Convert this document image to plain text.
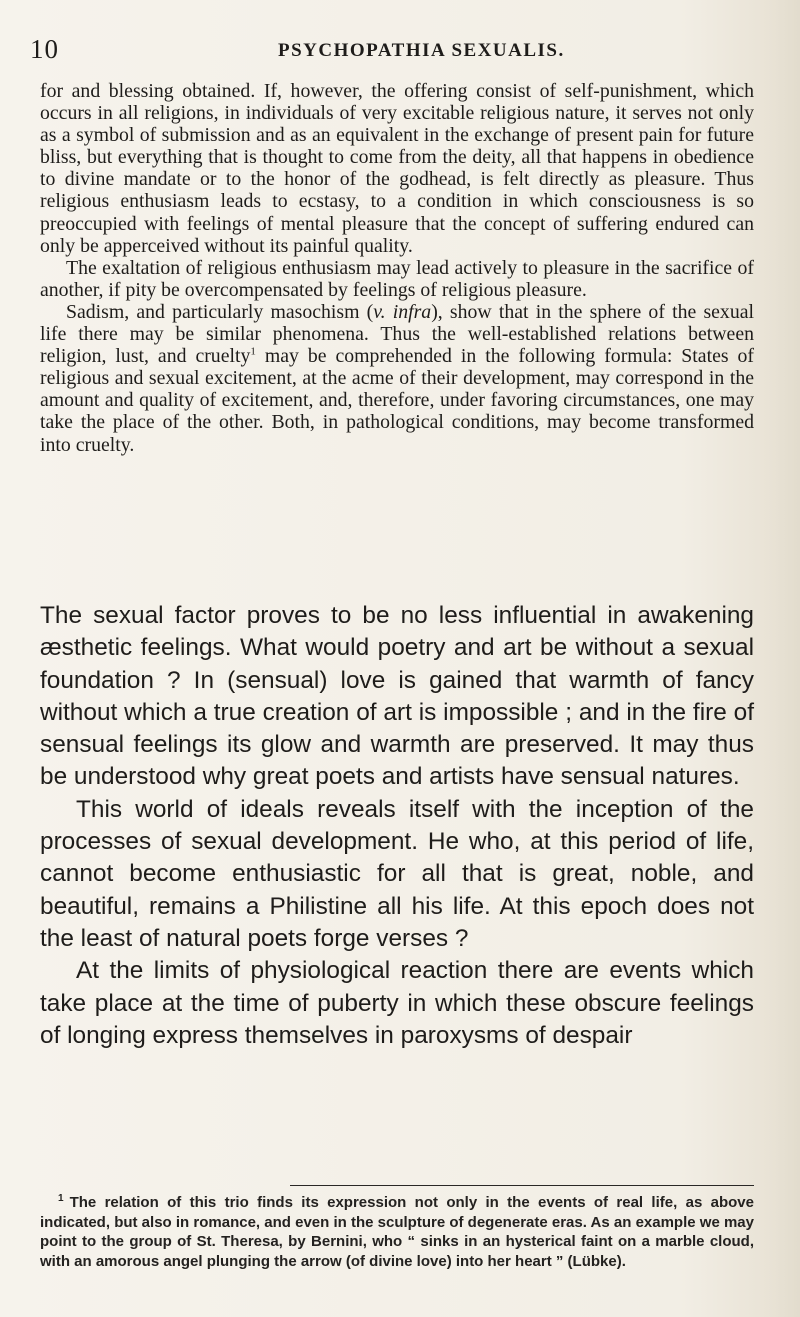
10	PSYCHOPATHIA SEXUALIS.

for and blessing obtained. If, however, the offering consist of self-punishment, which occurs in all religions, in individuals of very excitable religious nature, it serves not only as a symbol of submission and as an equivalent in the exchange of present pain for future bliss, but everything that is thought to come from the deity, all that happens in obedience to divine mandate or to the honor of the godhead, is felt directly as pleasure. Thus religious enthusiasm leads to ecstasy, to a condition in which consciousness is so preoccupied with feelings of mental pleasure that the concept of suffering endured can only be apperceived without its painful quality.

The exaltation of religious enthusiasm may lead actively to pleasure in the sacrifice of another, if pity be overcompensated by feelings of religious pleasure.

Sadism, and particularly masochism (v. infra), show that in the sphere of the sexual life there may be similar phenomena. Thus the well-established relations between religion, lust, and cruelty$^1$ may be comprehended in the following formula: States of religious and sexual excitement, at the acme of their development, may correspond in the amount and quality of excitement, and, therefore, under favoring circumstances, one may take the place of the other. Both, in pathological conditions, may become transformed into cruelty.

The sexual factor proves to be no less influential in awakening æsthetic feelings. What would poetry and art be without a sexual foundation ? In (sensual) love is gained that warmth of fancy without which a true creation of art is impossible ; and in the fire of sensual feelings its glow and warmth are preserved. It may thus be understood why great poets and artists have sensual natures.

This world of ideals reveals itself with the inception of the processes of sexual development. He who, at this period of life, cannot become enthusiastic for all that is great, noble, and beautiful, remains a Philistine all his life. At this epoch does not the least of natural poets forge verses ?

At the limits of physiological reaction there are events which take place at the time of puberty in which these obscure feelings of longing express themselves in paroxysms of despair

$^1$ The relation of this trio finds its expression not only in the events of real life, as above indicated, but also in romance, and even in the sculpture of degenerate eras. As an example we may point to the group of St. Theresa, by Bernini, who “ sinks in an hysterical faint on a marble cloud, with an amorous angel plunging the arrow (of divine love) into her heart ” (Lübke).
